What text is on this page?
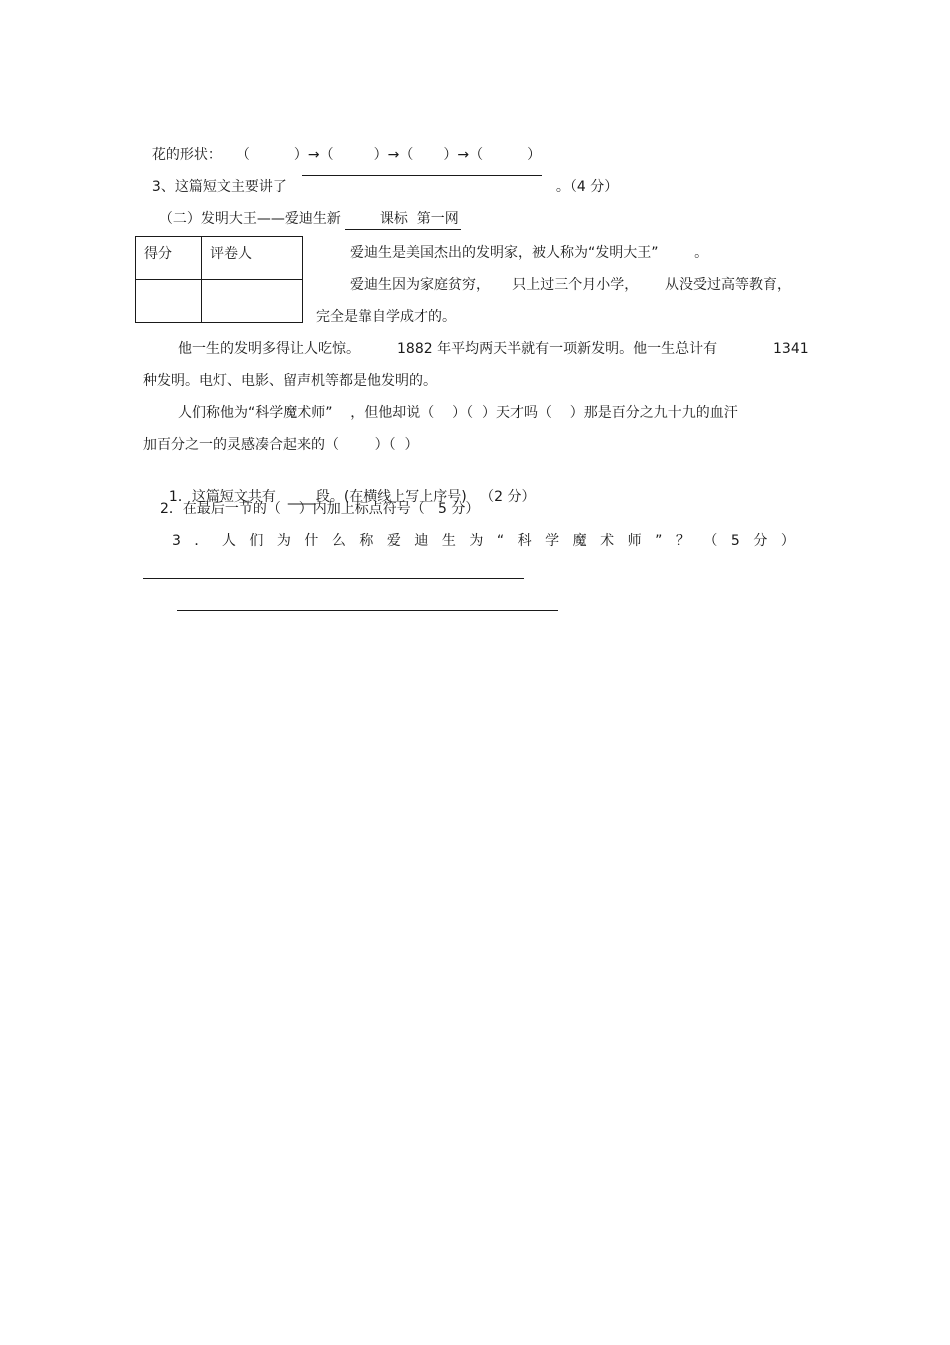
花的形状： （	）→（	）→（ ）→（	）

3、这篇短文主要讲了	。（4 分）

（二）发明大王——爱迪生新	课标  第一网

得分	评卷人

		爱迪生是美国杰出的发明家，被人称为“发明大王”        。
爱迪生因为家庭贫穷，     只上过三个月小学，      从没受过高等教育，
完全是靠自学成才的。
他一生的发明多得让人吃惊。	1882 年平均两天半就有一项新发明。他一生总计有	1341
种发明。电灯、电影、留声机等都是他发明的。
人们称他为“科学魔术师”    ，但他却说（    ）（  ）天才吗（    ）那是百分之九十九的血汗
加百分之一的灵感凑合起来的（        ）（  ）

1．这篇短文共有 ____段。(在横线上写上序号)   （2 分）

2．在最后一节的（    ）内加上标点符号（   5 分）
3．人们为什么称爱迪生为“科学魔术师”？（5分）
